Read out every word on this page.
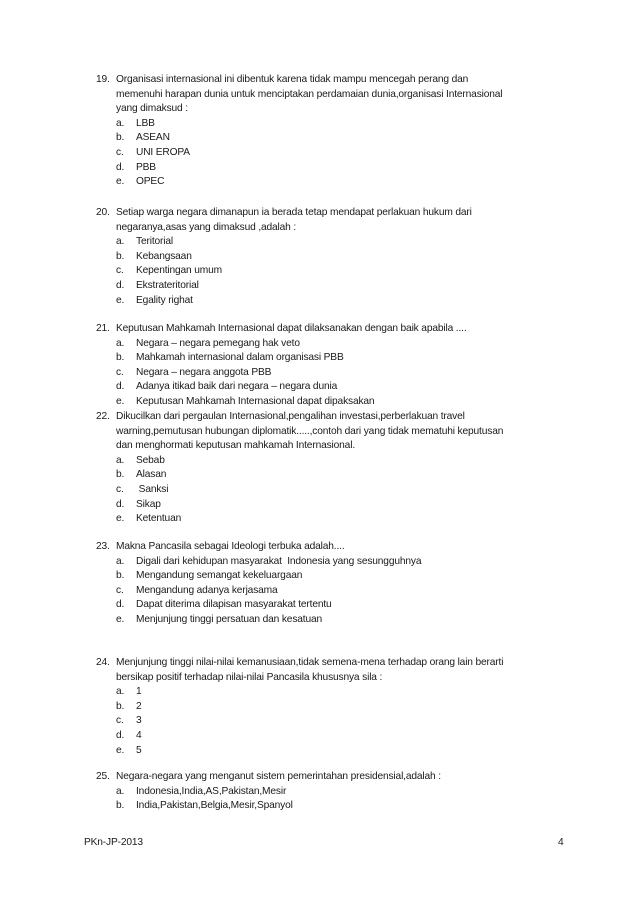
19. Organisasi internasional ini dibentuk karena tidak mampu mencegah perang dan
memenuhi harapan dunia untuk menciptakan perdamaian dunia,organisasi Internasional
yang dimaksud :
a. LBB
b. ASEAN
c. UNI EROPA
d. PBB
e. OPEC
20. Setiap warga negara dimanapun ia berada tetap mendapat perlakuan hukum dari
negaranya,asas yang dimaksud ,adalah :
a. Teritorial
b. Kebangsaan
c. Kepentingan umum
d. Ekstrateritorial
e. Egality righat
21. Keputusan Mahkamah Internasional dapat dilaksanakan dengan baik apabila ....
a. Negara – negara pemegang hak veto
b. Mahkamah internasional dalam organisasi PBB
c. Negara – negara anggota PBB
d. Adanya itikad baik dari negara – negara dunia
e. Keputusan Mahkamah Internasional dapat dipaksakan
22. Dikucilkan dari pergaulan Internasional,pengalihan investasi,perberlakuan travel
warning,pemutusan hubungan diplomatik.....,contoh dari yang tidak mematuhi keputusan
dan menghormati keputusan mahkamah Internasional.
a. Sebab
b. Alasan
c. Sanksi
d. Sikap
e. Ketentuan
23. Makna Pancasila sebagai Ideologi terbuka adalah....
a. Digali dari kehidupan masyarakat  Indonesia yang sesungguhnya
b. Mengandung semangat kekeluargaan
c. Mengandung adanya kerjasama
d. Dapat diterima dilapisan masyarakat tertentu
e. Menjunjung tinggi persatuan dan kesatuan
24. Menjunjung tinggi nilai-nilai kemanusiaan,tidak semena-mena terhadap orang lain berarti
bersikap positif terhadap nilai-nilai Pancasila khususnya sila :
a. 1
b. 2
c. 3
d. 4
e. 5
25. Negara-negara yang menganut sistem pemerintahan presidensial,adalah :
a. Indonesia,India,AS,Pakistan,Mesir
b. India,Pakistan,Belgia,Mesir,Spanyol
PKn-JP-2013	4
